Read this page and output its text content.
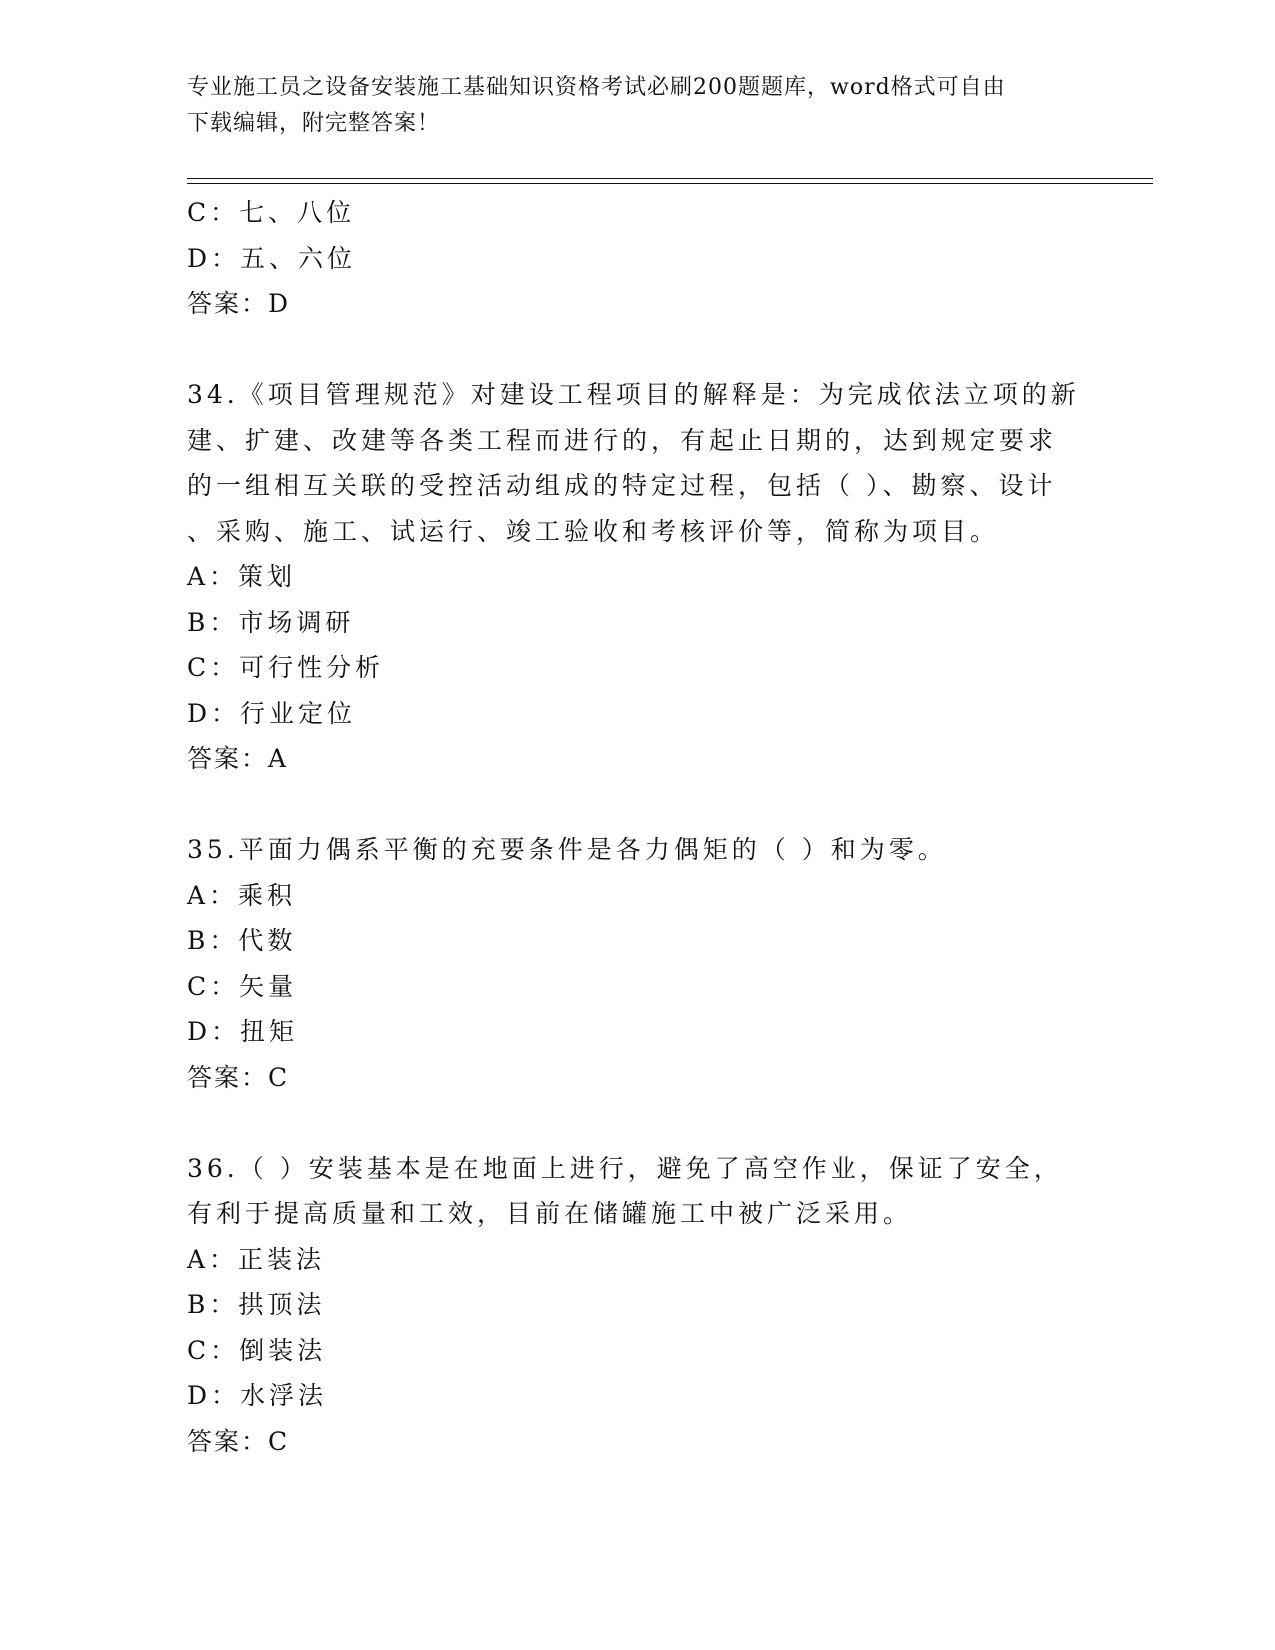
专业施工员之设备安装施工基础知识资格考试必刷200题题库，word格式可自由
下载编辑，附完整答案！
C：七、八位
D：五、六位
答案：D
34.《项目管理规范》对建设工程项目的解释是：为完成依法立项的新
建、扩建、改建等各类工程而进行的，有起止日期的，达到规定要求
的一组相互关联的受控活动组成的特定过程，包括（ ）、勘察、设计
、采购、施工、试运行、竣工验收和考核评价等，简称为项目。
A：策划
B：市场调研
C：可行性分析
D：行业定位
答案：A
35.平面力偶系平衡的充要条件是各力偶矩的（ ）和为零。
A：乘积
B：代数
C：矢量
D：扭矩
答案：C
36.（ ）安装基本是在地面上进行，避免了高空作业，保证了安全，
有利于提高质量和工效，目前在储罐施工中被广泛采用。
A：正装法
B：拱顶法
C：倒装法
D：水浮法
答案：C
